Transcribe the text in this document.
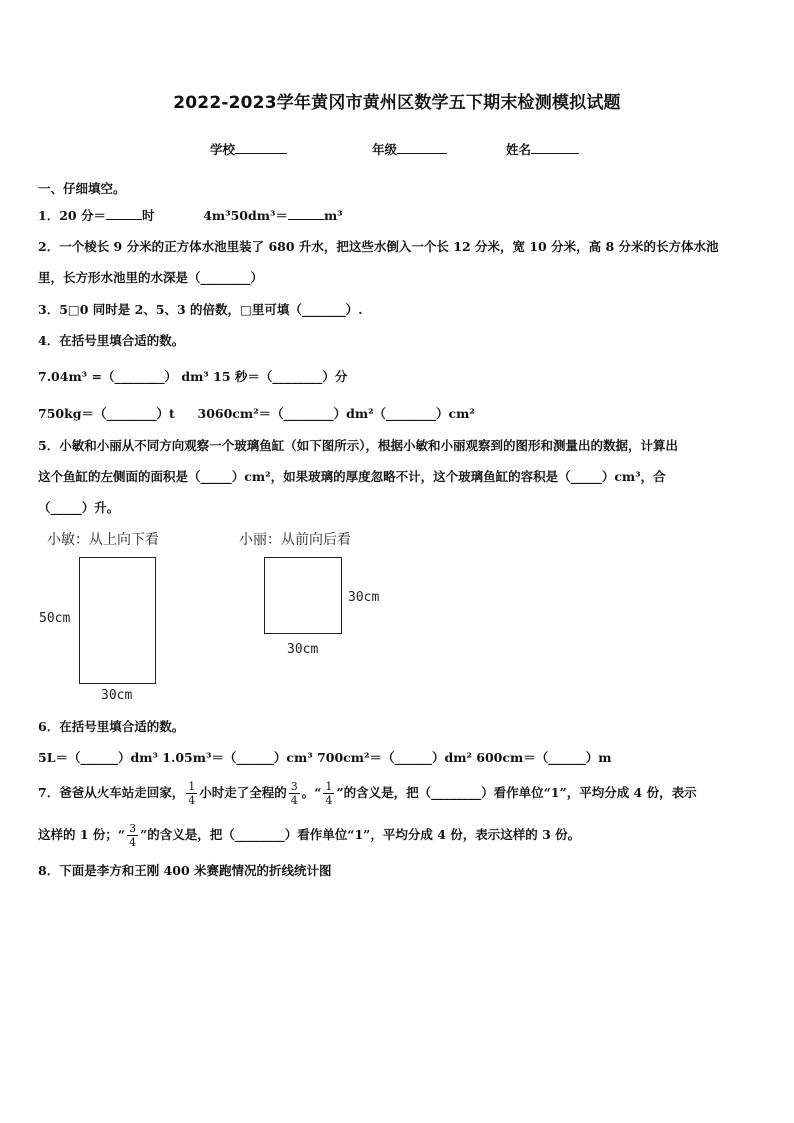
2022-2023学年黄冈市黄州区数学五下期末检测模拟试题
学校	年级	姓名
一、仔细填空。
1．20 分＝	时	4m³50dm³＝	m³
2．一个棱长 9 分米的正方体水池里装了 680 升水，把这些水倒入一个长 12 分米，宽 10 分米，高 8 分米的长方体水池
里，长方形水池里的水深是（________）
3．5□0 同时是 2、5、3 的倍数，□里可填（_______）.
4．在括号里填合适的数。
7.04m³ =（________） dm³ 15 秒＝（________）分
750kg＝（________）t 3060cm²＝（________）dm²（________）cm²
5．小敏和小丽从不同方向观察一个玻璃鱼缸（如下图所示），根据小敏和小丽观察到的图形和测量出的数据，计算出
这个鱼缸的左侧面的面积是（_____）cm²，如果玻璃的厚度忽略不计，这个玻璃鱼缸的容积是（_____）cm³，合
（_____）升。
小敏：从上向下看
50cm
30cm
小丽：从前向后看
30cm
30cm
6．在括号里填合适的数。
5L＝（______）dm³ 1.05m³＝（______）cm³ 700cm²＝（______）dm² 600cm＝（______）m
7．爸爸从火车站走回家， $\frac{1}{4}$ 小时走了全程的 $\frac{3}{4}$ 。“ $\frac{1}{4}$ ”的含义是，把（________）看作单位“1”，平均分成 4 份，表示
这样的 1 份；“ $\frac{3}{4}$ ”的含义是，把（________）看作单位“1”，平均分成 4 份，表示这样的 3 份。
8．下面是李方和王刚 400 米赛跑情况的折线统计图
